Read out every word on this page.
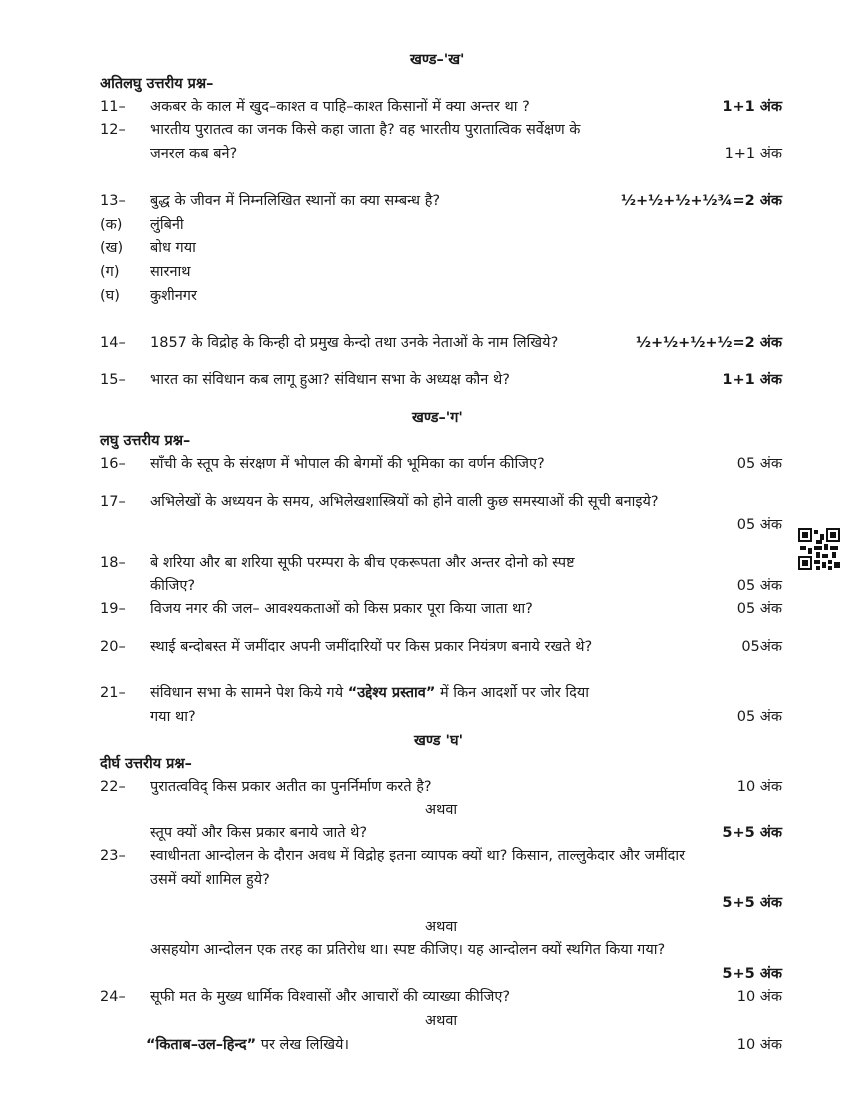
खण्ड–'ख'
अतिलघु उत्तरीय प्रश्न–
11–	अकबर के काल में खुद–काश्त व पाहि–काश्त किसानों में क्या अन्तर था ?	1+1 अंक
12–	भारतीय पुरातत्व का जनक किसे कहा जाता है? वह भारतीय पुरातात्विक सर्वेक्षण के
जनरल कब बने?	1+1 अंक
13–	बुद्ध के जीवन में निम्नलिखित स्थानों का क्या सम्बन्ध है?	½+½+½+½¾=2 अंक
(क) लुंबिनी
(ख) बोध गया
(ग) सारनाथ
(घ) कुशीनगर
14–	1857 के विद्रोह के किन्ही दो प्रमुख केन्दो तथा उनके नेताओं के नाम लिखिये?	½+½+½+½=2 अंक
15–	भारत का संविधान कब लागू हुआ? संविधान सभा के अध्यक्ष कौन थे?	1+1 अंक
खण्ड–'ग'
लघु उत्तरीय प्रश्न–
16–	साँची के स्तूप के संरक्षण में भोपाल की बेगमों की भूमिका का वर्णन कीजिए?	05 अंक
17–	अभिलेखों के अध्ययन के समय, अभिलेखशास्त्रियों को होने वाली कुछ समस्याओं की सूची बनाइये?
05 अंक
18–	बे शरिया और बा शरिया सूफी परम्परा के बीच एकरूपता और अन्तर दोनो को स्पष्ट
कीजिए?	05 अंक
19–	विजय नगर की जल– आवश्यकताओं को किस प्रकार पूरा किया जाता था?	05 अंक
20–	स्थाई बन्दोबस्त में जमींदार अपनी जमींदारियों पर किस प्रकार नियंत्रण बनाये रखते थे?	05अंक
21–	संविधान सभा के सामने पेश किये गये “उद्देश्य प्रस्ताव” में किन आदर्शो पर जोर दिया
गया था?	05 अंक
खण्ड 'घ'
दीर्घ उत्तरीय प्रश्न–
22–	पुरातत्वविद् किस प्रकार अतीत का पुनर्निर्माण करते है?	10 अंक
अथवा
स्तूप क्यों और किस प्रकार बनाये जाते थे?	5+5 अंक
23–	स्वाधीनता आन्दोलन के दौरान अवध में विद्रोह इतना व्यापक क्यों था? किसान, ताल्लुकेदार और जमींदार
उसमें क्यों शामिल हुये?
5+5 अंक
अथवा
असहयोग आन्दोलन एक तरह का प्रतिरोध था। स्पष्ट कीजिए। यह आन्दोलन क्यों स्थगित किया गया?
5+5 अंक
24–	सूफी मत के मुख्य धार्मिक विश्वासों और आचारों की व्याख्या कीजिए?	10 अंक
अथवा
“किताब–उल–हिन्द” पर लेख लिखिये।	10 अंक
